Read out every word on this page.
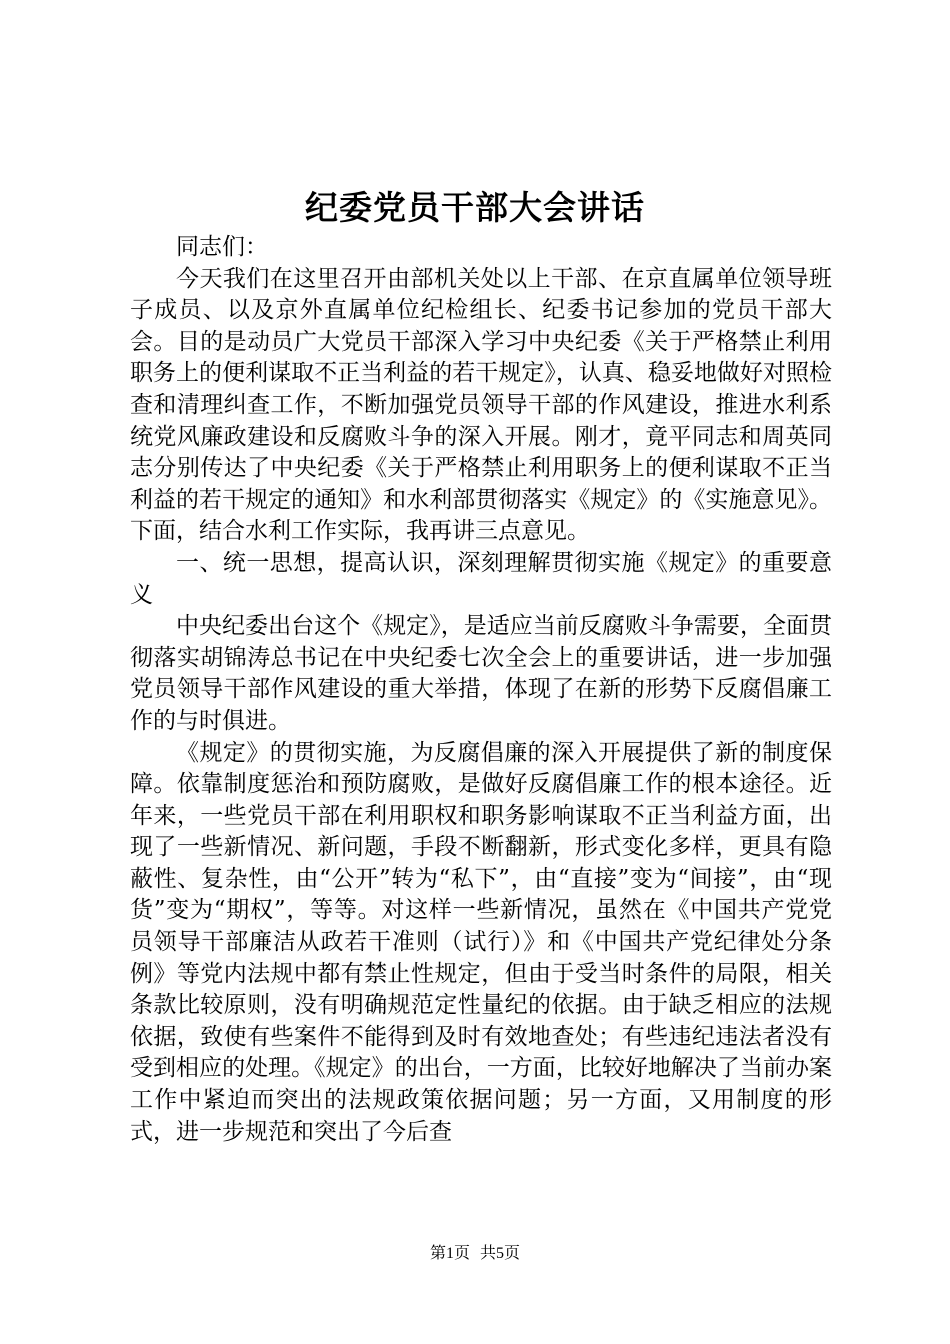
纪委党员干部大会讲话

同志们：

今天我们在这里召开由部机关处以上干部、在京直属单位领导班子成员、以及京外直属单位纪检组长、纪委书记参加的党员干部大会。目的是动员广大党员干部深入学习中央纪委《关于严格禁止利用职务上的便利谋取不正当利益的若干规定》，认真、稳妥地做好对照检查和清理纠查工作，不断加强党员领导干部的作风建设，推进水利系统党风廉政建设和反腐败斗争的深入开展。刚才，竟平同志和周英同志分别传达了中央纪委《关于严格禁止利用职务上的便利谋取不正当利益的若干规定的通知》和水利部贯彻落实《规定》的《实施意见》。下面，结合水利工作实际，我再讲三点意见。

一、统一思想，提高认识，深刻理解贯彻实施《规定》的重要意义

中央纪委出台这个《规定》，是适应当前反腐败斗争需要，全面贯彻落实胡锦涛总书记在中央纪委七次全会上的重要讲话，进一步加强党员领导干部作风建设的重大举措，体现了在新的形势下反腐倡廉工作的与时俱进。

《规定》的贯彻实施，为反腐倡廉的深入开展提供了新的制度保障。依靠制度惩治和预防腐败，是做好反腐倡廉工作的根本途径。近年来，一些党员干部在利用职权和职务影响谋取不正当利益方面，出现了一些新情况、新问题，手段不断翻新，形式变化多样，更具有隐蔽性、复杂性，由“公开”转为“私下”，由“直接”变为“间接”，由“现货”变为“期权”，等等。对这样一些新情况，虽然在《中国共产党党员领导干部廉洁从政若干准则（试行）》和《中国共产党纪律处分条例》等党内法规中都有禁止性规定，但由于受当时条件的局限，相关条款比较原则，没有明确规范定性量纪的依据。由于缺乏相应的法规依据，致使有些案件不能得到及时有效地查处；有些违纪违法者没有受到相应的处理。《规定》的出台，一方面，比较好地解决了当前办案工作中紧迫而突出的法规政策依据问题；另一方面，又用制度的形式，进一步规范和突出了今后查

第1页 共5页
